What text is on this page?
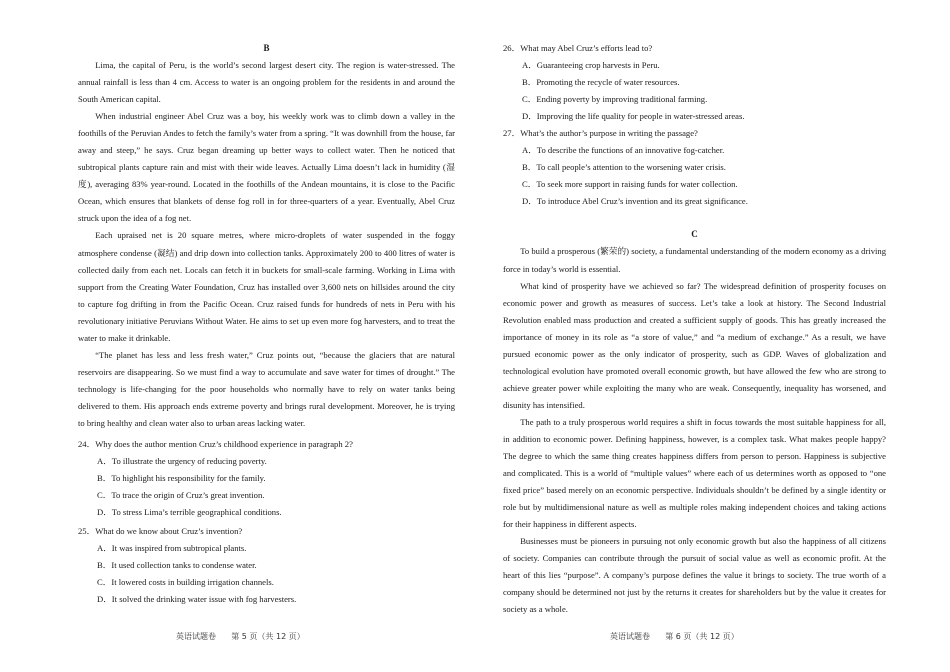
B

Lima, the capital of Peru, is the world’s second largest desert city. The region is water-stressed. The annual rainfall is less than 4 cm. Access to water is an ongoing problem for the residents in and around the South American capital.

When industrial engineer Abel Cruz was a boy, his weekly work was to climb down a valley in the foothills of the Peruvian Andes to fetch the family’s water from a spring. “It was downhill from the house, far away and steep,” he says. Cruz began dreaming up better ways to collect water. Then he noticed that subtropical plants capture rain and mist with their wide leaves. Actually Lima doesn’t lack in humidity (湿度), averaging 83% year-round. Located in the foothills of the Andean mountains, it is close to the Pacific Ocean, which ensures that blankets of dense fog roll in for three-quarters of a year. Eventually, Abel Cruz struck upon the idea of a fog net.

Each upraised net is 20 square metres, where micro-droplets of water suspended in the foggy atmosphere condense (凝结) and drip down into collection tanks. Approximately 200 to 400 litres of water is collected daily from each net. Locals can fetch it in buckets for small-scale farming. Working in Lima with support from the Creating Water Foundation, Cruz has installed over 3,600 nets on hillsides around the city to capture fog drifting in from the Pacific Ocean. Cruz raised funds for hundreds of nets in Peru with his revolutionary initiative Peruvians Without Water. He aims to set up even more fog harvesters, and to treat the water to make it drinkable.

“The planet has less and less fresh water,” Cruz points out, “because the glaciers that are natural reservoirs are disappearing. So we must find a way to accumulate and save water for times of drought.” The technology is life-changing for the poor households who normally have to rely on water tanks being delivered to them. His approach ends extreme poverty and brings rural development. Moreover, he is trying to bring healthy and clean water also to urban areas lacking water.

24．Why does the author mention Cruz’s childhood experience in paragraph 2?

A．To illustrate the urgency of reducing poverty.

B．To highlight his responsibility for the family.

C．To trace the origin of Cruz’s great invention.

D．To stress Lima’s terrible geographical conditions.

25．What do we know about Cruz’s invention?

A．It was inspired from subtropical plants.

B．It used collection tanks to condense water.

C．It lowered costs in building irrigation channels.

D．It solved the drinking water issue with fog harvesters.

26．What may Abel Cruz’s efforts lead to?

A．Guaranteeing crop harvests in Peru.

B．Promoting the recycle of water resources.

C．Ending poverty by improving traditional farming.

D．Improving the life quality for people in water-stressed areas.

27．What’s the author’s purpose in writing the passage?

A．To describe the functions of an innovative fog-catcher.

B．To call people’s attention to the worsening water crisis.

C．To seek more support in raising funds for water collection.

D．To introduce Abel Cruz’s invention and its great significance.

C

To build a prosperous (繁荣的) society, a fundamental understanding of the modern economy as a driving force in today’s world is essential.

What kind of prosperity have we achieved so far? The widespread definition of prosperity focuses on economic power and growth as measures of success. Let’s take a look at history. The Second Industrial Revolution enabled mass production and created a sufficient supply of goods. This has greatly increased the importance of money in its role as “a store of value,” and “a medium of exchange.” As a result, we have pursued economic power as the only indicator of prosperity, such as GDP. Waves of globalization and technological evolution have promoted overall economic growth, but have allowed the few who are strong to achieve greater power while exploiting the many who are weak. Consequently, inequality has worsened, and disunity has intensified.

The path to a truly prosperous world requires a shift in focus towards the most suitable happiness for all, in addition to economic power. Defining happiness, however, is a complex task. What makes people happy? The degree to which the same thing creates happiness differs from person to person. Happiness is subjective and complicated. This is a world of “multiple values” where each of us determines worth as opposed to “one fixed price” based merely on an economic perspective. Individuals shouldn’t be defined by a single identity or role but by multidimensional nature as well as multiple roles making independent choices and taking actions for their happiness in different aspects.

Businesses must be pioneers in pursuing not only economic growth but also the happiness of all citizens of society. Companies can contribute through the pursuit of social value as well as economic profit. At the heart of this lies “purpose”. A company’s purpose defines the value it brings to society. The true worth of a company should be determined not just by the returns it creates for shareholders but by the value it creates for society as a whole.

英语试题卷      第 5 页（共 12 页）	英语试题卷      第 6 页（共 12 页）
